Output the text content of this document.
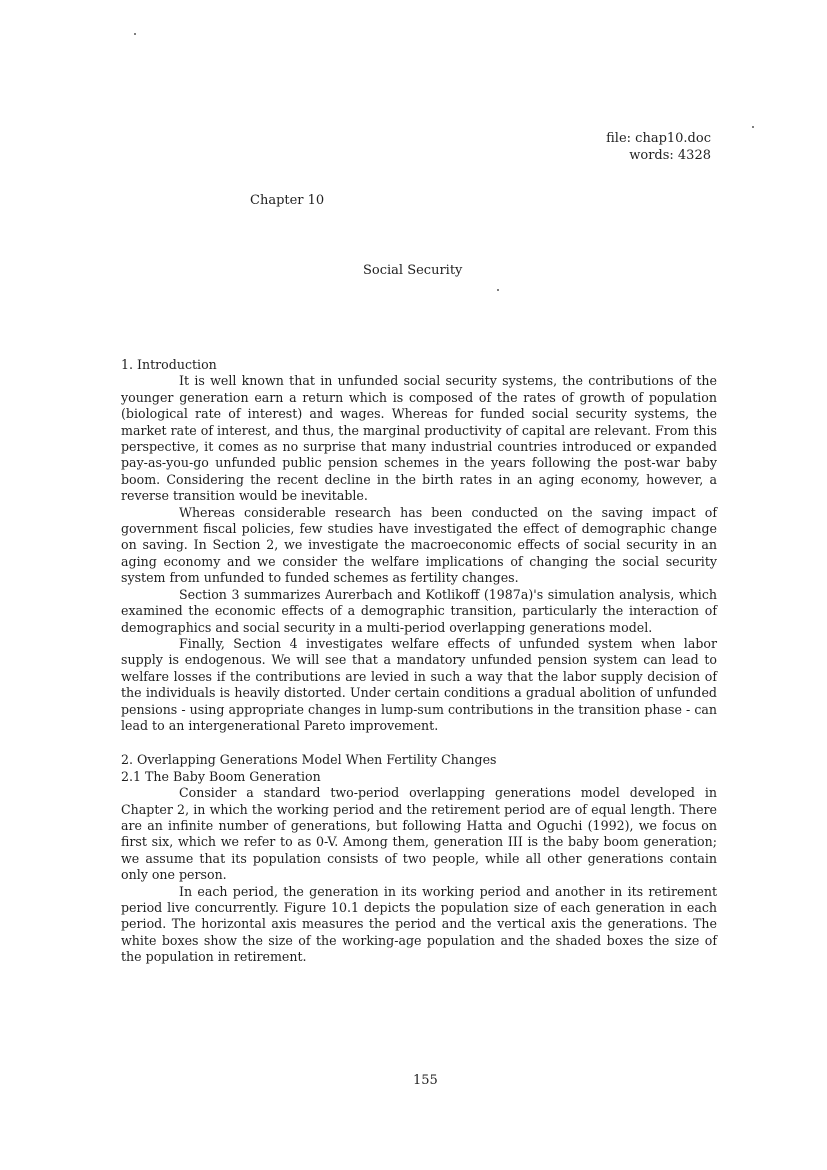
file: chap10.doc
words: 4328
Chapter 10
Social Security

1. Introduction

It is well known that in unfunded social security systems, the contributions of the younger generation earn a return which is composed of the rates of growth of population (biological rate of interest) and wages. Whereas for funded social security systems, the market rate of interest, and thus, the marginal productivity of capital are relevant. From this perspective, it comes as no surprise that many industrial countries introduced or expanded pay-as-you-go unfunded public pension schemes in the years following the post-war baby boom. Considering the recent decline in the birth rates in an aging economy, however, a reverse transition would be inevitable.

Whereas considerable research has been conducted on the saving impact of government fiscal policies, few studies have investigated the effect of demographic change on saving. In Section 2, we investigate the macroeconomic effects of social security in an aging economy and we consider the welfare implications of changing the social security system from unfunded to funded schemes as fertility changes.

Section 3 summarizes Aurerbach and Kotlikoff (1987a)'s simulation analysis, which examined the economic effects of a demographic transition, particularly the interaction of demographics and social security in a multi-period overlapping generations model.

Finally, Section 4 investigates welfare effects of unfunded system when labor supply is endogenous. We will see that a mandatory unfunded pension system can lead to welfare losses if the contributions are levied in such a way that the labor supply decision of the individuals is heavily distorted. Under certain conditions a gradual abolition of unfunded pensions - using appropriate changes in lump-sum contributions in the transition phase - can lead to an intergenerational Pareto improvement.

2. Overlapping Generations Model When Fertility Changes

2.1 The Baby Boom Generation

Consider a standard two-period overlapping generations model developed in Chapter 2, in which the working period and the retirement period are of equal length. There are an infinite number of generations, but following Hatta and Oguchi (1992), we focus on first six, which we refer to as 0-V. Among them, generation III is the baby boom generation; we assume that its population consists of two people, while all other generations contain only one person.

In each period, the generation in its working period and another in its retirement period live concurrently. Figure 10.1 depicts the population size of each generation in each period. The horizontal axis measures the period and the vertical axis the generations. The white boxes show the size of the working-age population and the shaded boxes the size of the population in retirement.

155
